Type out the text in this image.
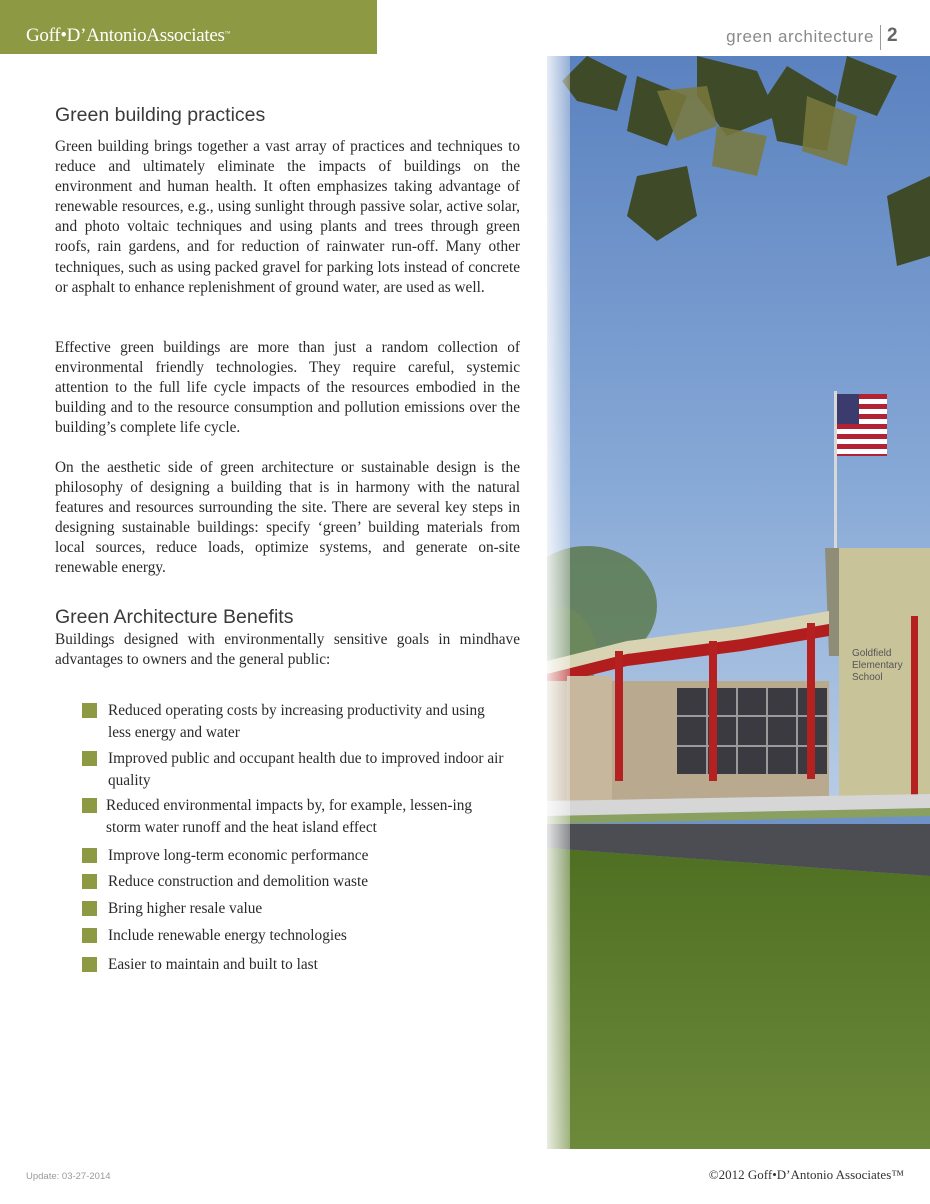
Goff•D’AntonioAssociates™	green architecture 2
Green building practices

Green building brings together a vast array of practices and techniques to reduce and ultimately eliminate the impacts of buildings on the environment and human health. It often emphasizes taking advantage of renewable resources, e.g., using sunlight through passive solar, active solar, and photo voltaic techniques and using plants and trees through green roofs, rain gardens, and for reduction of rainwater run-off. Many other techniques, such as using packed gravel for parking lots instead of concrete or asphalt to enhance replenishment of ground water, are used as well.

Effective green buildings are more than just a random collection of environmental friendly technologies. They require careful, systemic attention to the full life cycle impacts of the resources embodied in the building and to the resource consumption and pollution emissions over the building’s complete life cycle.

On the aesthetic side of green architecture or sustainable design is the philosophy of designing a building that is in harmony with the natural features and resources surrounding the site. There are several key steps in designing sustainable buildings: specify ‘green’ building materials from local sources, reduce loads, optimize systems, and generate on-site renewable energy.

Green Architecture Benefits

Buildings designed with environmentally sensitive goals in mindhave advantages to owners and the general public:

Reduced operating costs by increasing productivity and using less energy and water
Improved public and occupant health due to improved indoor air quality
Reduced environmental impacts by, for example, lessen-ing storm water runoff and the heat island effect
Improve long-term economic performance
Reduce construction and demolition waste
Bring higher resale value
Include renewable energy technologies
Easier to maintain and built to last
Goldfield
Elementary
School
Update: 03-27-2014	©2012 Goff•D’Antonio Associates™
